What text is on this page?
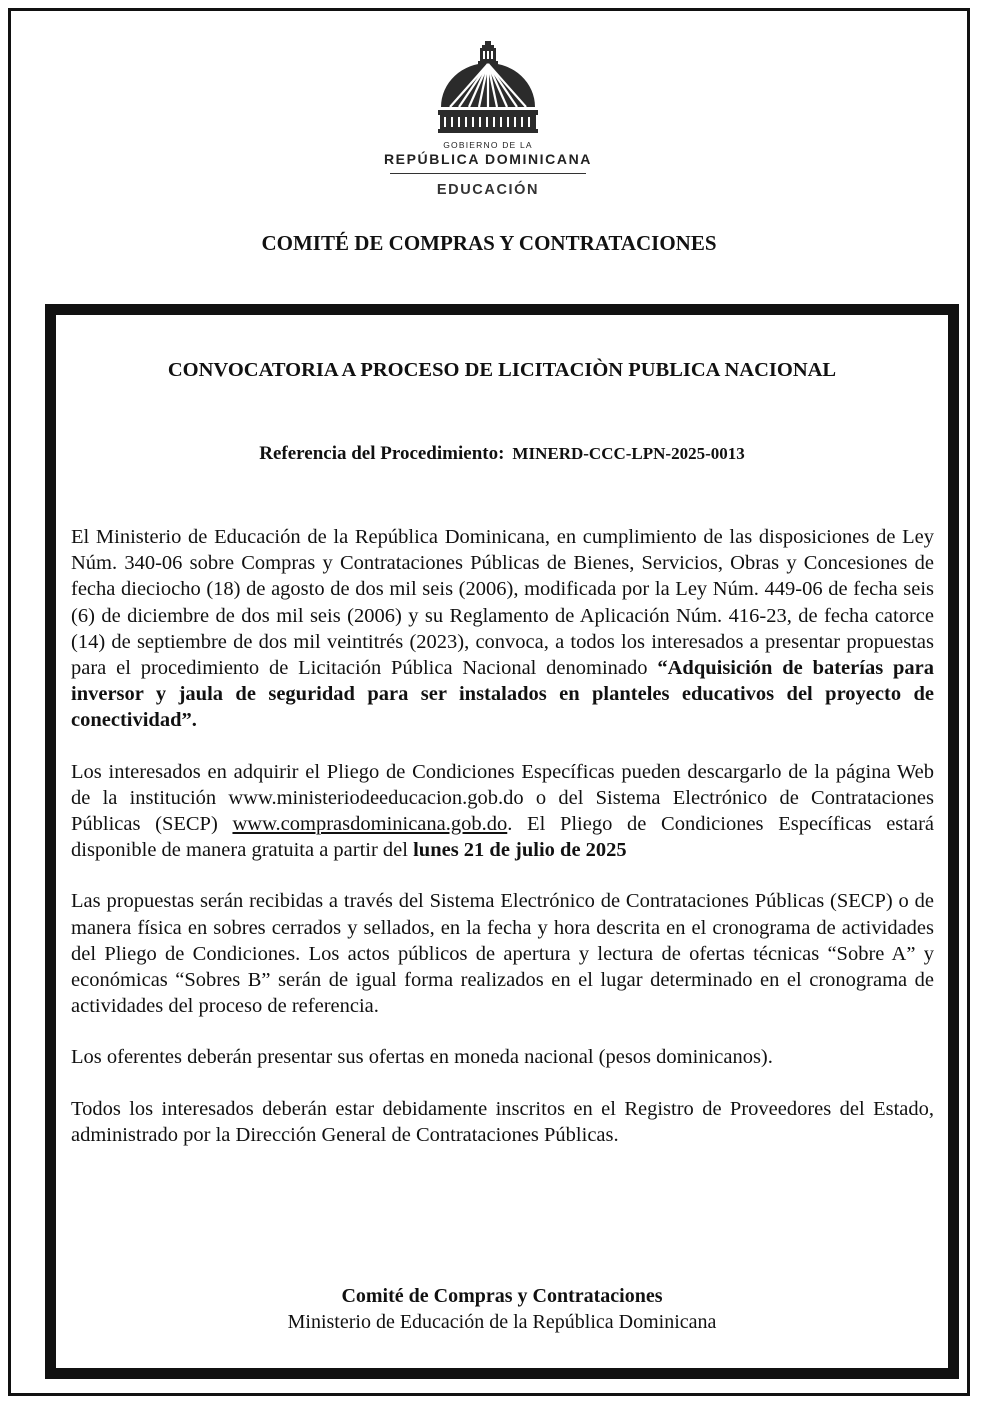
GOBIERNO DE LA
REPÚBLICA DOMINICANA
EDUCACIÓN
COMITÉ DE COMPRAS Y CONTRATACIONES
CONVOCATORIA A PROCESO DE LICITACIÒN PUBLICA NACIONAL
Referencia del Procedimiento: MINERD-CCC-LPN-2025-0013

El Ministerio de Educación de la República Dominicana, en cumplimiento de las disposiciones de Ley Núm. 340-06 sobre Compras y Contrataciones Públicas de Bienes, Servicios, Obras y Concesiones de fecha dieciocho (18) de agosto de dos mil seis (2006), modificada por la Ley Núm. 449-06 de fecha seis (6) de diciembre de dos mil seis (2006) y su Reglamento de Aplicación Núm. 416-23, de fecha catorce (14) de septiembre de dos mil veintitrés (2023), convoca, a todos los interesados a presentar propuestas para el procedimiento de Licitación Pública Nacional denominado “Adquisición de baterías para inversor y jaula de seguridad para ser instalados en planteles educativos del proyecto de conectividad”.

Los interesados en adquirir el Pliego de Condiciones Específicas pueden descargarlo de la página Web de la institución www.ministeriodeeducacion.gob.do o del Sistema Electrónico de Contrataciones Públicas (SECP) www.comprasdominicana.gob.do. El Pliego de Condiciones Específicas estará disponible de manera gratuita a partir del lunes 21 de julio de 2025

Las propuestas serán recibidas a través del Sistema Electrónico de Contrataciones Públicas (SECP) o de manera física en sobres cerrados y sellados, en la fecha y hora descrita en el cronograma de actividades del Pliego de Condiciones. Los actos públicos de apertura y lectura de ofertas técnicas “Sobre A” y económicas “Sobres B” serán de igual forma realizados en el lugar determinado en el cronograma de actividades del proceso de referencia.

Los oferentes deberán presentar sus ofertas en moneda nacional (pesos dominicanos).

Todos los interesados deberán estar debidamente inscritos en el Registro de Proveedores del Estado, administrado por la Dirección General de Contrataciones Públicas.

Comité de Compras y Contrataciones
Ministerio de Educación de la República Dominicana
